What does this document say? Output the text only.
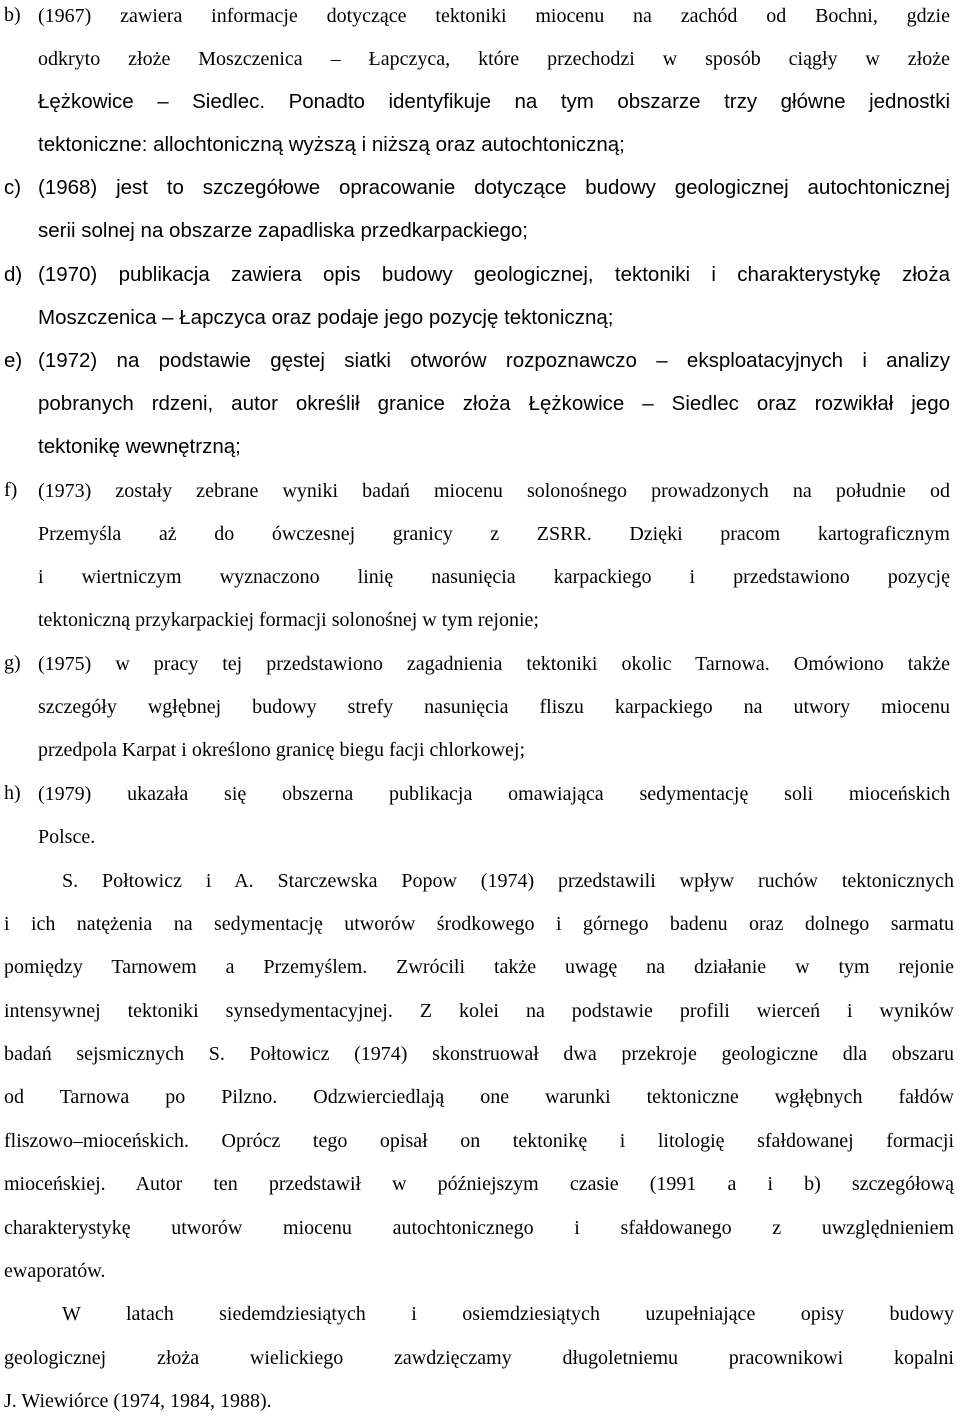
b) (1967) zawiera informacje dotyczące tektoniki miocenu na zachód od Bochni, gdzie
odkryto złoże Moszczenica – Łapczyca, które przechodzi w sposób ciągły w złoże
Łężkowice – Siedlec. Ponadto identyfikuje na tym obszarze trzy główne jednostki
tektoniczne: allochtoniczną wyższą i niższą oraz autochtoniczną;
c) (1968) jest to szczegółowe opracowanie dotyczące budowy geologicznej autochtonicznej
serii solnej na obszarze zapadliska przedkarpackiego;
d) (1970) publikacja zawiera opis budowy geologicznej, tektoniki i charakterystykę złoża
Moszczenica – Łapczyca oraz podaje jego pozycję tektoniczną;
e) (1972) na podstawie gęstej siatki otworów rozpoznawczo – eksploatacyjnych i analizy
pobranych rdzeni, autor określił granice złoża Łężkowice – Siedlec oraz rozwikłał jego
tektonikę wewnętrzną;
f)	(1973) zostały zebrane wyniki badań miocenu solonośnego prowadzonych na południe od
Przemyśla aż do ówczesnej granicy z ZSRR. Dzięki pracom kartograficznym
i wiertniczym wyznaczono linię nasunięcia karpackiego i przedstawiono pozycję
tektoniczną przykarpackiej formacji solonośnej w tym rejonie;
g) (1975) w pracy tej przedstawiono zagadnienia tektoniki okolic Tarnowa. Omówiono także
szczegóły wgłębnej budowy strefy nasunięcia fliszu karpackiego na utwory miocenu
przedpola Karpat i określono granicę biegu facji chlorkowej;
h) (1979) ukazała się obszerna publikacja omawiająca sedymentację soli mioceńskich
Polsce.
S. Połtowicz i A. Starczewska Popow (1974) przedstawili wpływ ruchów tektonicznych
i ich natężenia na sedymentację utworów środkowego i górnego badenu oraz dolnego sarmatu
pomiędzy Tarnowem a Przemyślem. Zwrócili także uwagę na działanie w tym rejonie
intensywnej tektoniki synsedymentacyjnej. Z kolei na podstawie profili wierceń i wyników
badań sejsmicznych S. Połtowicz (1974) skonstruował dwa przekroje geologiczne dla obszaru
od Tarnowa po Pilzno. Odzwierciedlają one warunki tektoniczne wgłębnych fałdów
fliszowo–mioceńskich. Oprócz tego opisał on tektonikę i litologię sfałdowanej formacji
mioceńskiej. Autor ten przedstawił w późniejszym czasie (1991 a i b) szczegółową
charakterystykę utworów miocenu autochtonicznego i sfałdowanego z uwzględnieniem
ewaporatów.
W latach siedemdziesiątych i osiemdziesiątych uzupełniające opisy budowy
geologicznej złoża wielickiego zawdzięczamy długoletniemu pracownikowi kopalni
J. Wiewiórce (1974, 1984, 1988).
